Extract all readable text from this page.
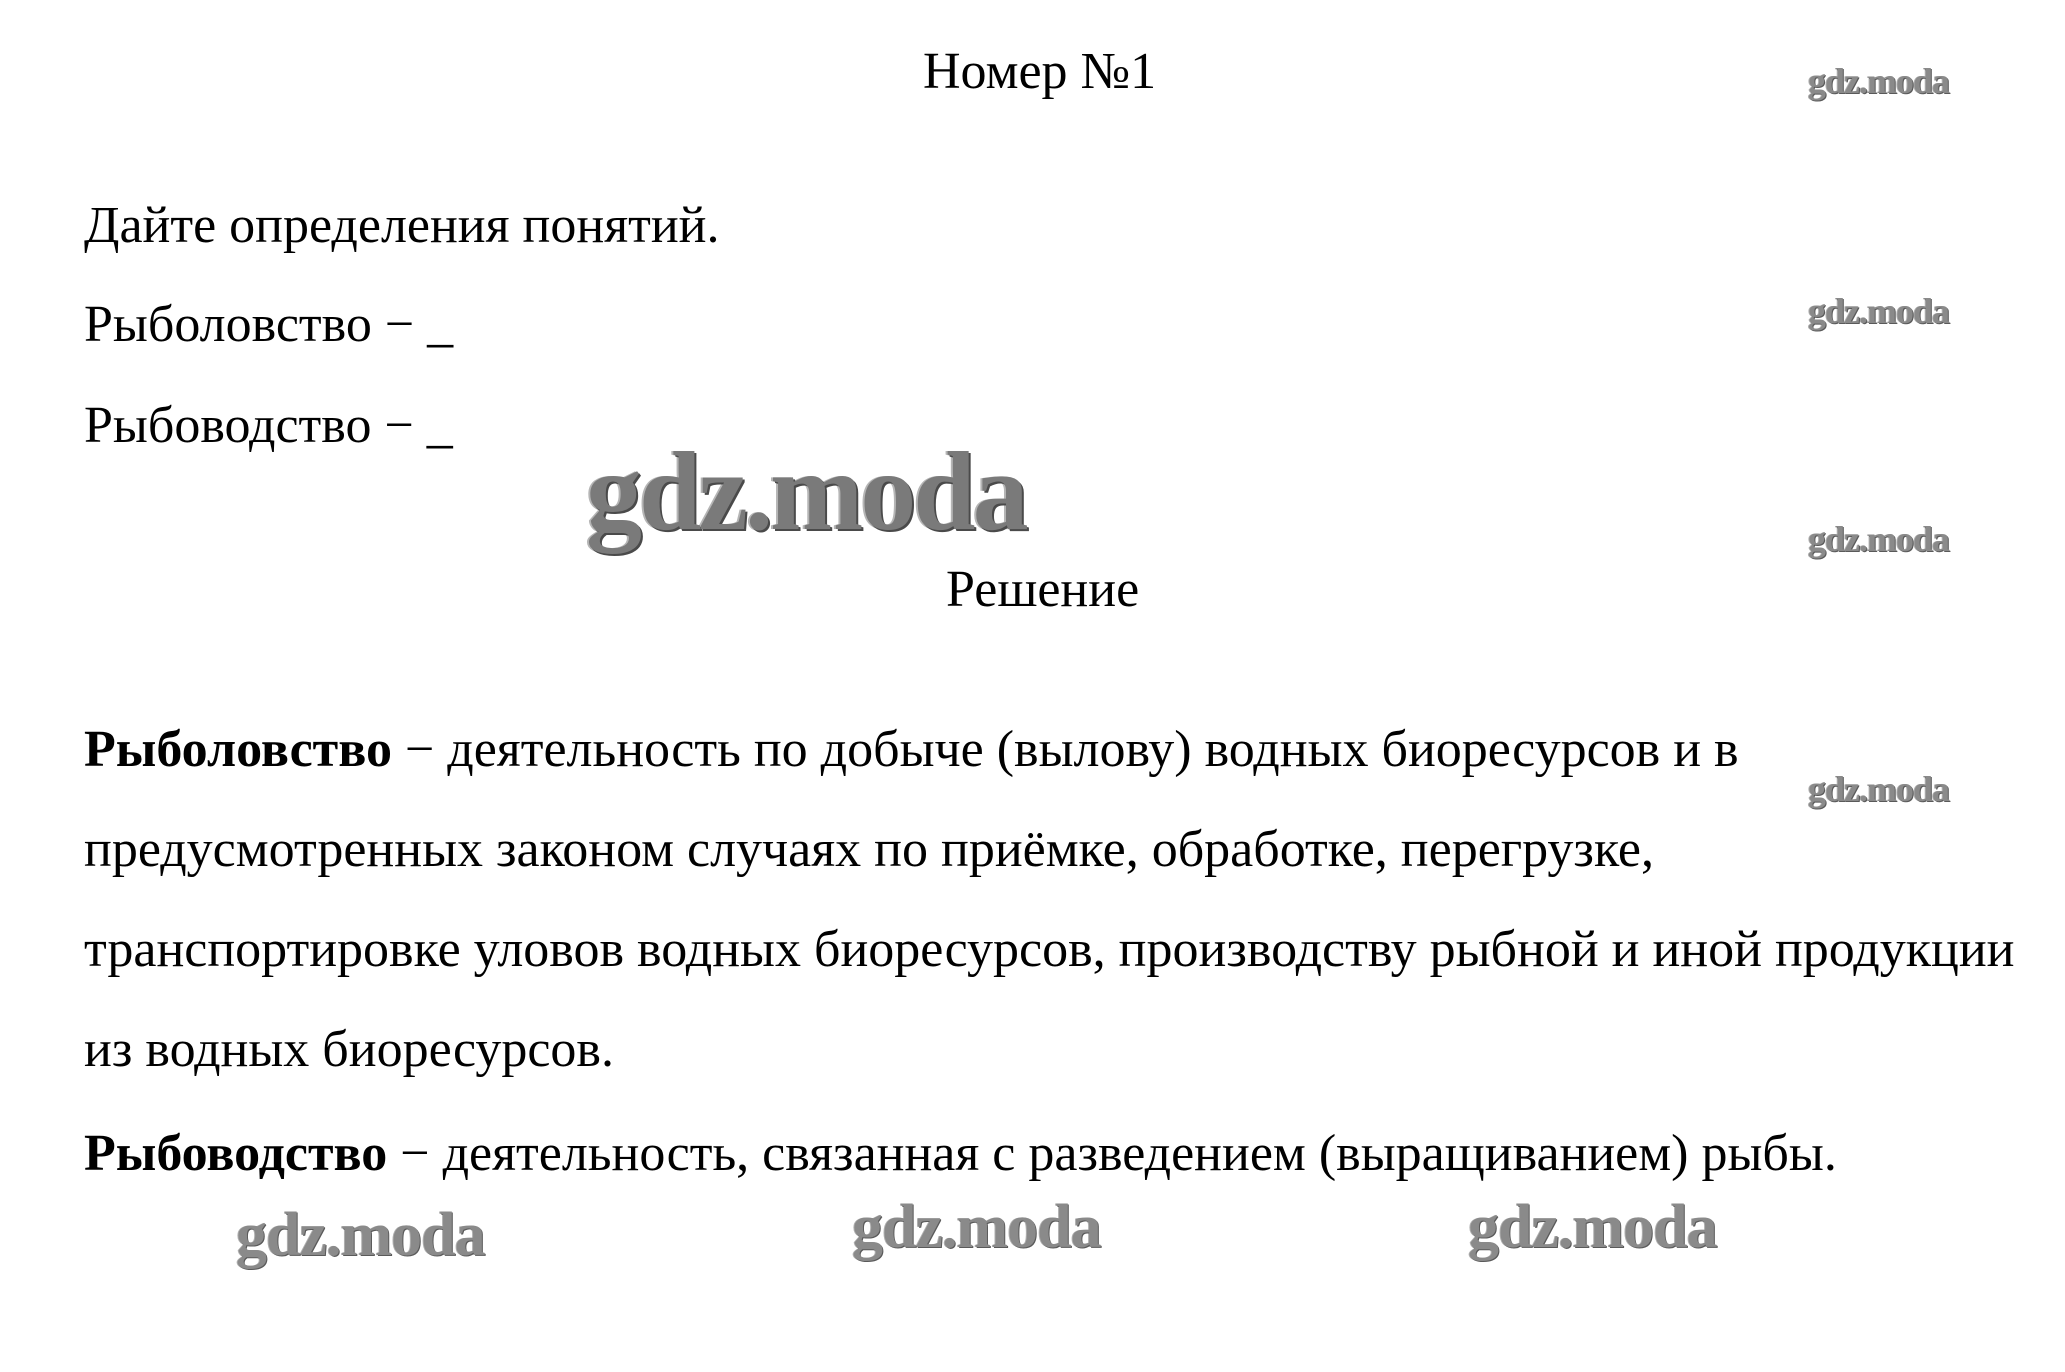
Номер №1
Дайте определения понятий.
Рыболовство − _
Рыбоводство − _
Решение
Рыболовство − деятельность по добыче (вылову) водных биоресурсов и в предусмотренных законом случаях по приёмке, обработке, перегрузке, транспортировке уловов водных биоресурсов, производству рыбной и иной продукции из водных биоресурсов.
Рыбоводство − деятельность, связанная с разведением (выращиванием) рыбы.
gdz.moda
gdz.moda
gdz.moda
gdz.moda
gdz.moda
gdz.moda	gdz.moda	gdz.moda
